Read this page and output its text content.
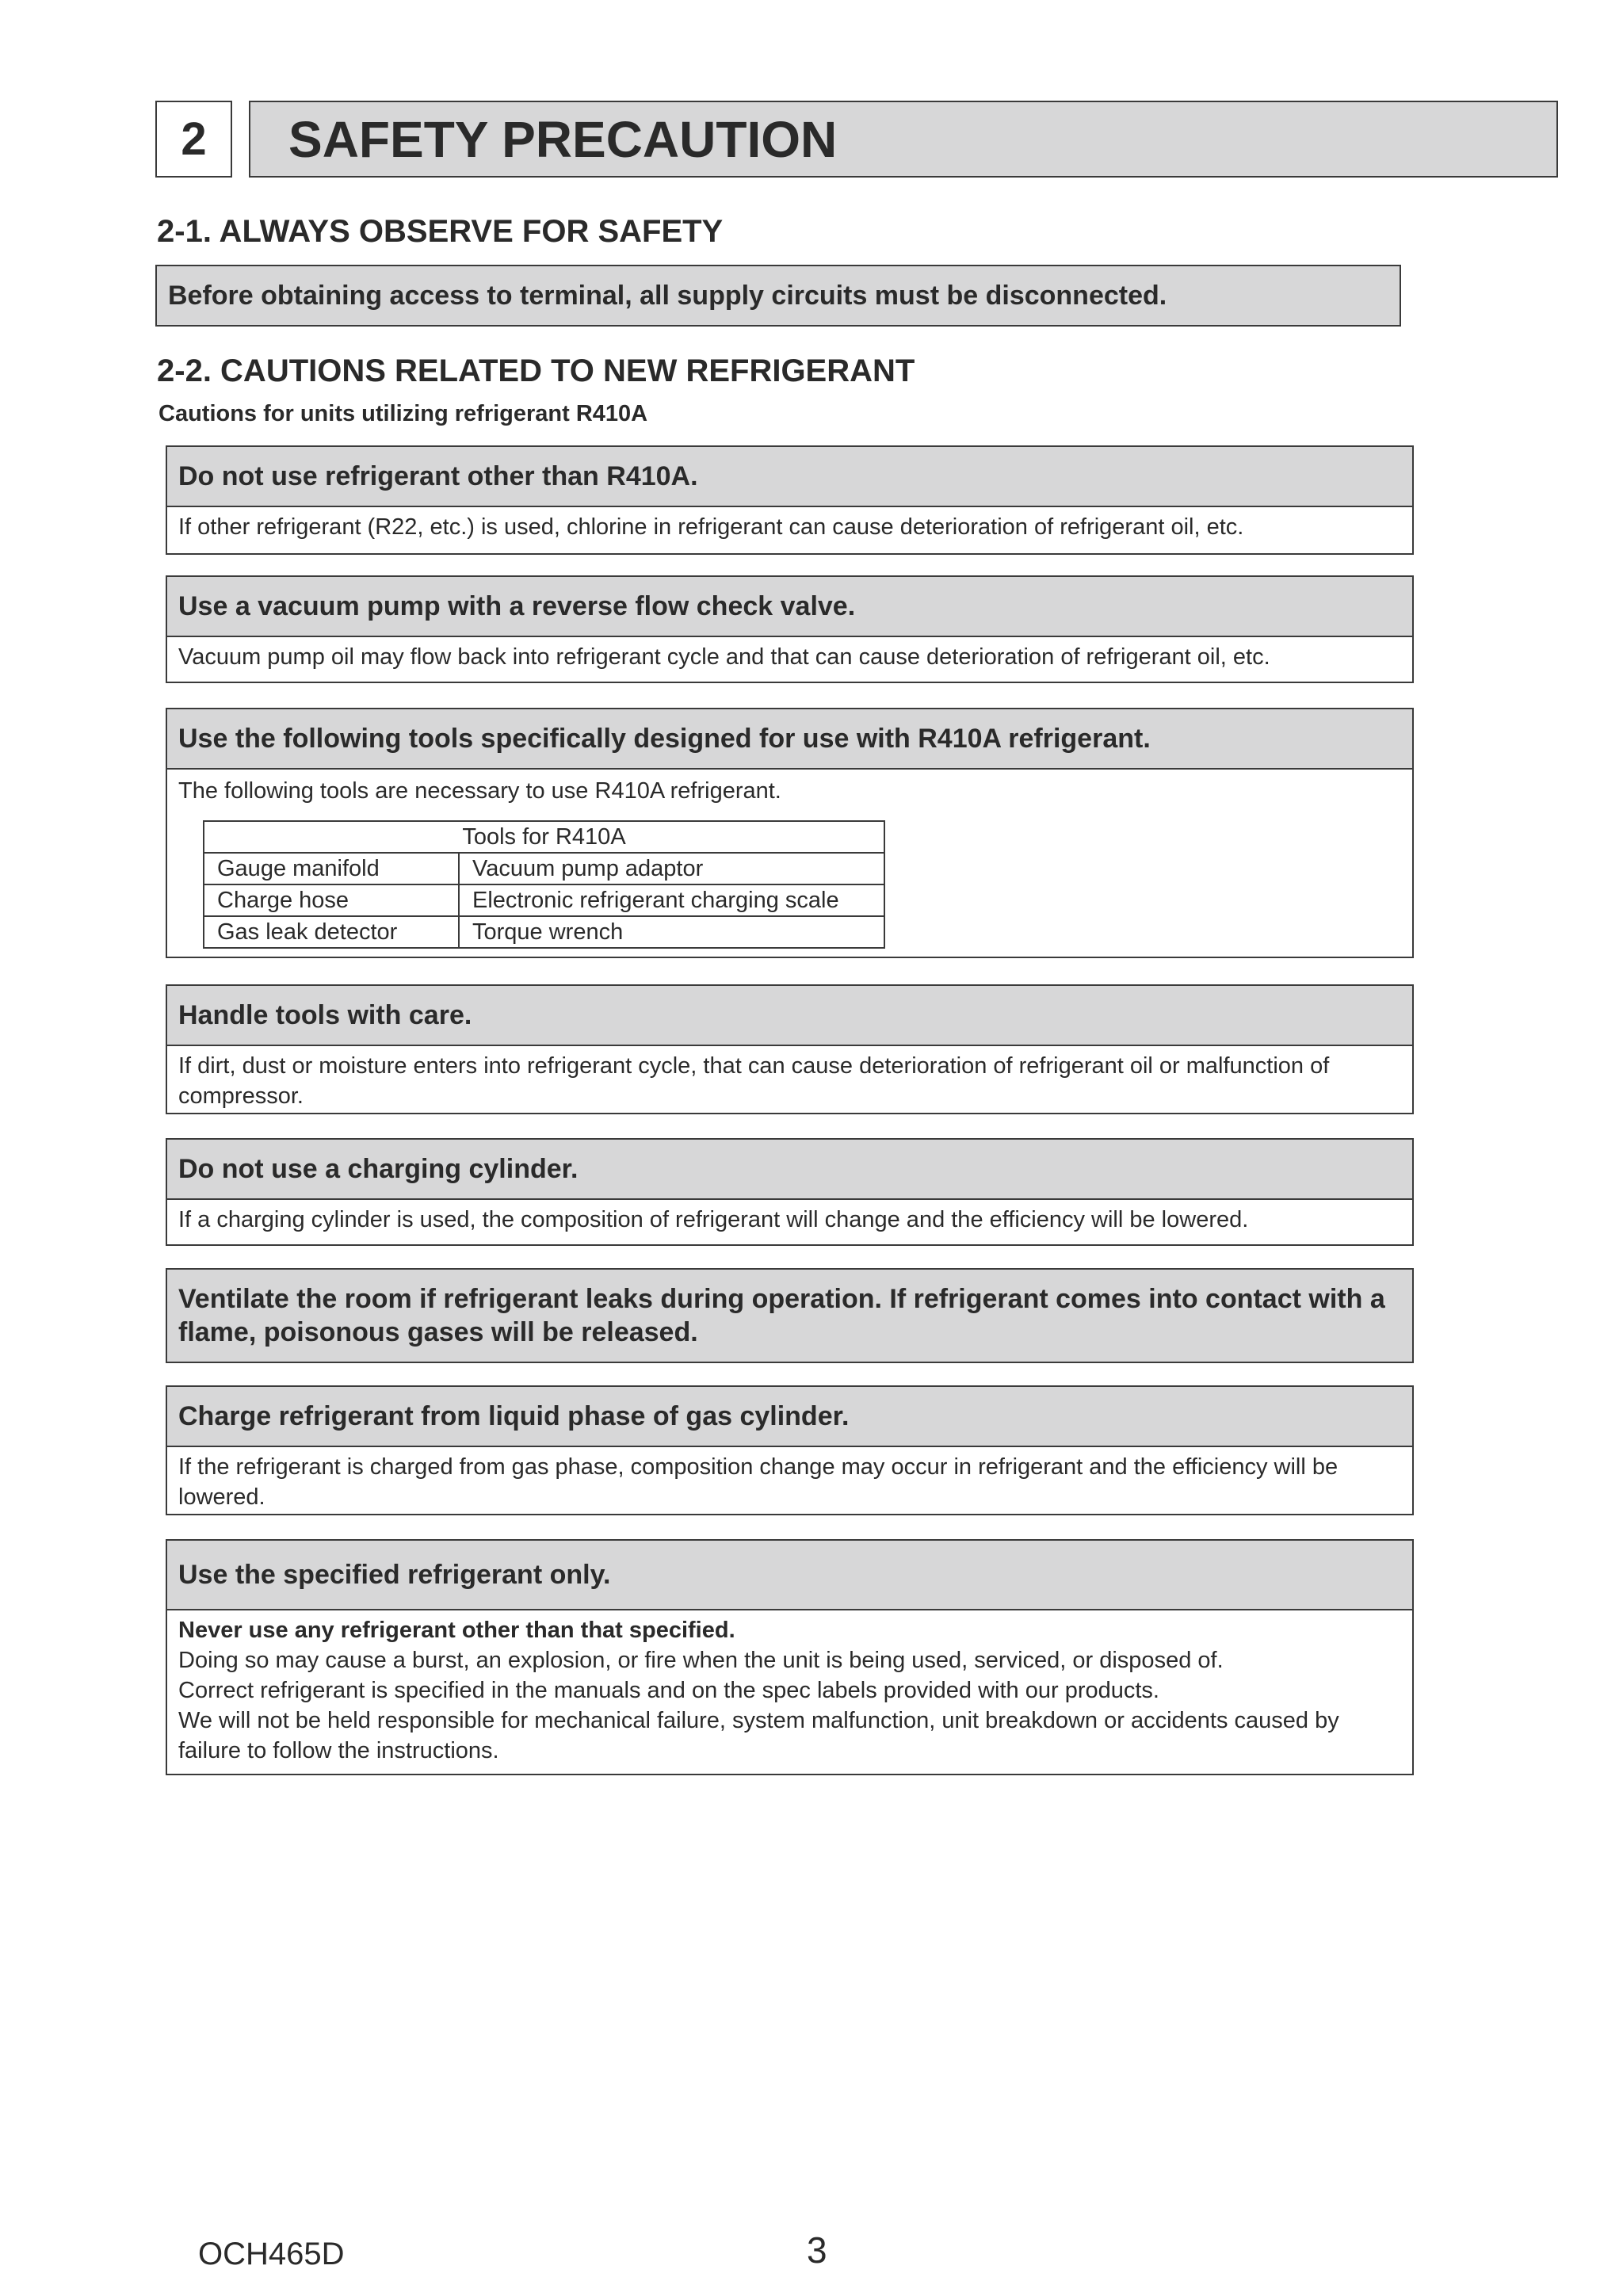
2	SAFETY PRECAUTION
2-1. ALWAYS OBSERVE FOR SAFETY
Before obtaining access to terminal, all supply circuits must be disconnected.
2-2. CAUTIONS RELATED TO NEW REFRIGERANT
Cautions for units utilizing refrigerant R410A
Do not use refrigerant other than R410A.
If other refrigerant (R22, etc.) is used, chlorine in refrigerant can cause deterioration of refrigerant oil, etc.
Use a vacuum pump with a reverse flow check valve.
Vacuum pump oil may flow back into refrigerant cycle and that can cause deterioration of refrigerant oil, etc.
Use the following tools specifically designed for use with R410A refrigerant.
The following tools are necessary to use R410A refrigerant.
Tools for R410A	
Gauge manifold	Vacuum pump adaptor
Charge hose	Electronic refrigerant charging scale
Gas leak detector	Torque wrench
Handle tools with care.
If dirt, dust or moisture enters into refrigerant cycle, that can cause deterioration of refrigerant oil or malfunction of compressor.
Do not use a charging cylinder.
If a charging cylinder is used, the composition of refrigerant will change and the efficiency will be lowered.
Ventilate the room if refrigerant leaks during operation. If refrigerant comes into contact with a flame, poisonous gases will be released.
Charge refrigerant from liquid phase of gas cylinder.
If the refrigerant is charged from gas phase, composition change may occur in refrigerant and the efficiency will be lowered.
Use the specified refrigerant only.
Never use any refrigerant other than that specified.
Doing so may cause a burst, an explosion, or fire when the unit is being used, serviced, or disposed of.
Correct refrigerant is specified in the manuals and on the spec labels provided with our products.
We will not be held responsible for mechanical failure, system malfunction, unit breakdown or accidents caused by failure to follow the instructions.
OCH465D	3
